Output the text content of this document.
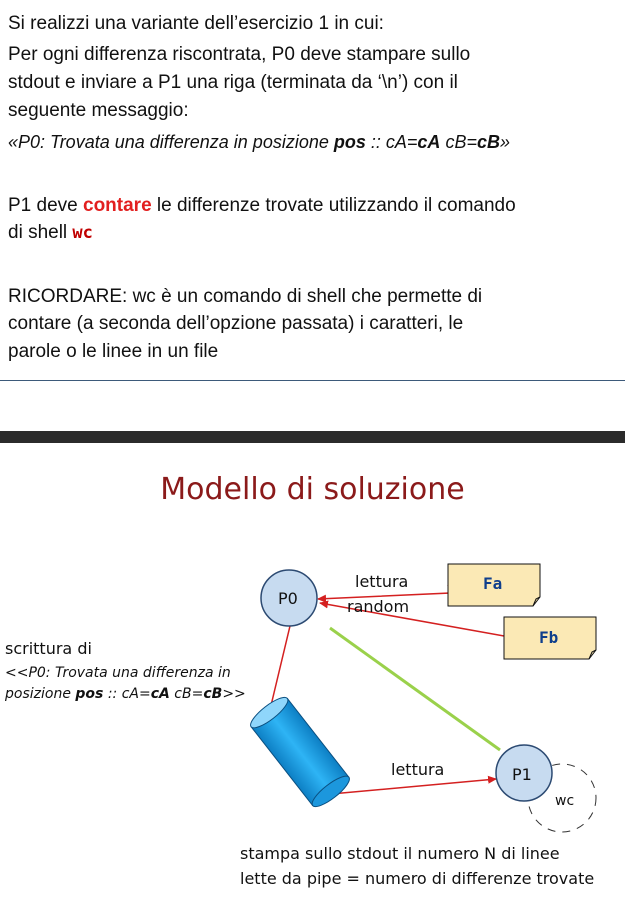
Si realizzi una variante dell’esercizio 1 in cui:
Per ogni differenza riscontrata, P0 deve stampare sullo
stdout e inviare a P1 una riga (terminata da ‘\n’) con il
seguente messaggio:
«P0: Trovata una differenza in posizione pos :: cA=cA cB=cB»
P1 deve contare le differenze trovate utilizzando il comando
di shell wc
RICORDARE: wc è un comando di shell che permette di
contare (a seconda dell’opzione passata) i caratteri, le
parole o le linee in un file
Modello di soluzione
P0
P1
wc
Fa
Fb
lettura
random
lettura
scrittura di
<<P0: Trovata una differenza in
posizione pos :: cA=cA cB=cB>>
stampa sullo stdout il numero N di linee
lette da pipe = numero di differenze trovate
